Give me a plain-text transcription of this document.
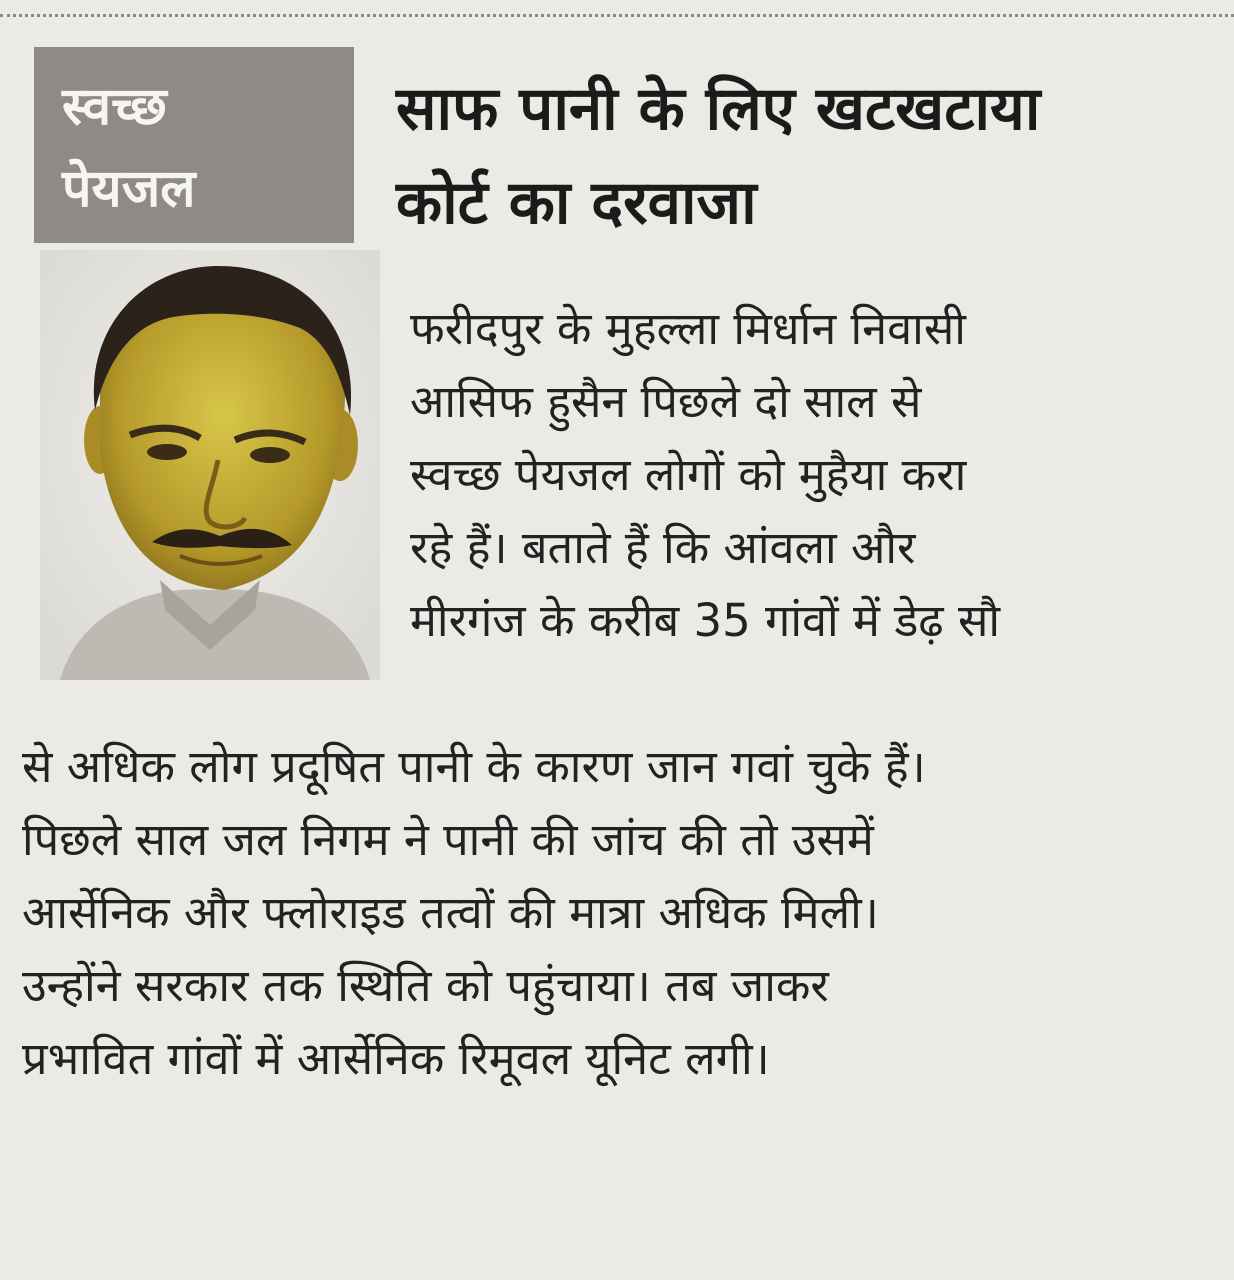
स्वच्छ
पेयजल
साफ पानी के लिए खटखटाया
कोर्ट का दरवाजा
फरीदपुर के मुहल्ला मिर्धान निवासी
आसिफ हुसैन पिछले दो साल से
स्वच्छ पेयजल लोगों को मुहैया करा
रहे हैं। बताते हैं कि आंवला और
मीरगंज के करीब 35 गांवों में डेढ़ सौ
से अधिक लोग प्रदूषित पानी के कारण जान गवां चुके हैं।
पिछले साल जल निगम ने पानी की जांच की तो उसमें
आर्सेनिक और फ्लोराइड तत्वों की मात्रा अधिक मिली।
उन्होंने सरकार तक स्थिति को पहुंचाया। तब जाकर
प्रभावित गांवों में आर्सेनिक रिमूवल यूनिट लगी।
